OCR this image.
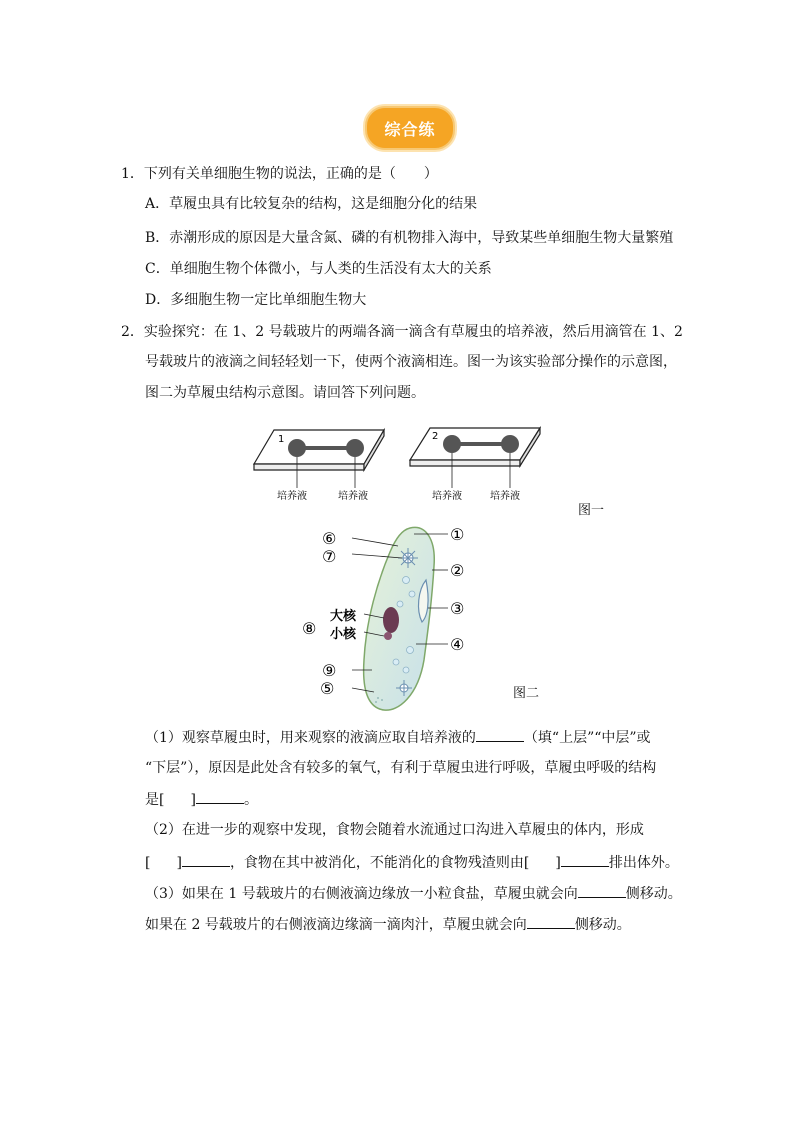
综合练
1．下列有关单细胞生物的说法，正确的是（　　）
A．草履虫具有比较复杂的结构，这是细胞分化的结果
B．赤潮形成的原因是大量含氮、磷的有机物排入海中，导致某些单细胞生物大量繁殖
C．单细胞生物个体微小，与人类的生活没有太大的关系
D．多细胞生物一定比单细胞生物大
2．实验探究：在 1、2 号载玻片的两端各滴一滴含有草履虫的培养液，然后用滴管在 1、2
号载玻片的液滴之间轻轻划一下，使两个液滴相连。图一为该实验部分操作的示意图，
图二为草履虫结构示意图。请回答下列问题。
1
培养液	培养液
2
培养液	培养液
图一
①
②
③
④
⑤
⑥
⑦
⑧
⑨
大核
小核
图二
（1）观察草履虫时，用来观察的液滴应取自培养液的	（填“上层”“中层”或
“下层”），原因是此处含有较多的氧气，有利于草履虫进行呼吸，草履虫呼吸的结构
是[ ]	。
（2）在进一步的观察中发现，食物会随着水流通过口沟进入草履虫的体内，形成
[ ]	，食物在其中被消化，不能消化的食物残渣则由[ ]	排出体外。
（3）如果在 1 号载玻片的右侧液滴边缘放一小粒食盐，草履虫就会向	侧移动。
如果在 2 号载玻片的右侧液滴边缘滴一滴肉汁，草履虫就会向	侧移动。
